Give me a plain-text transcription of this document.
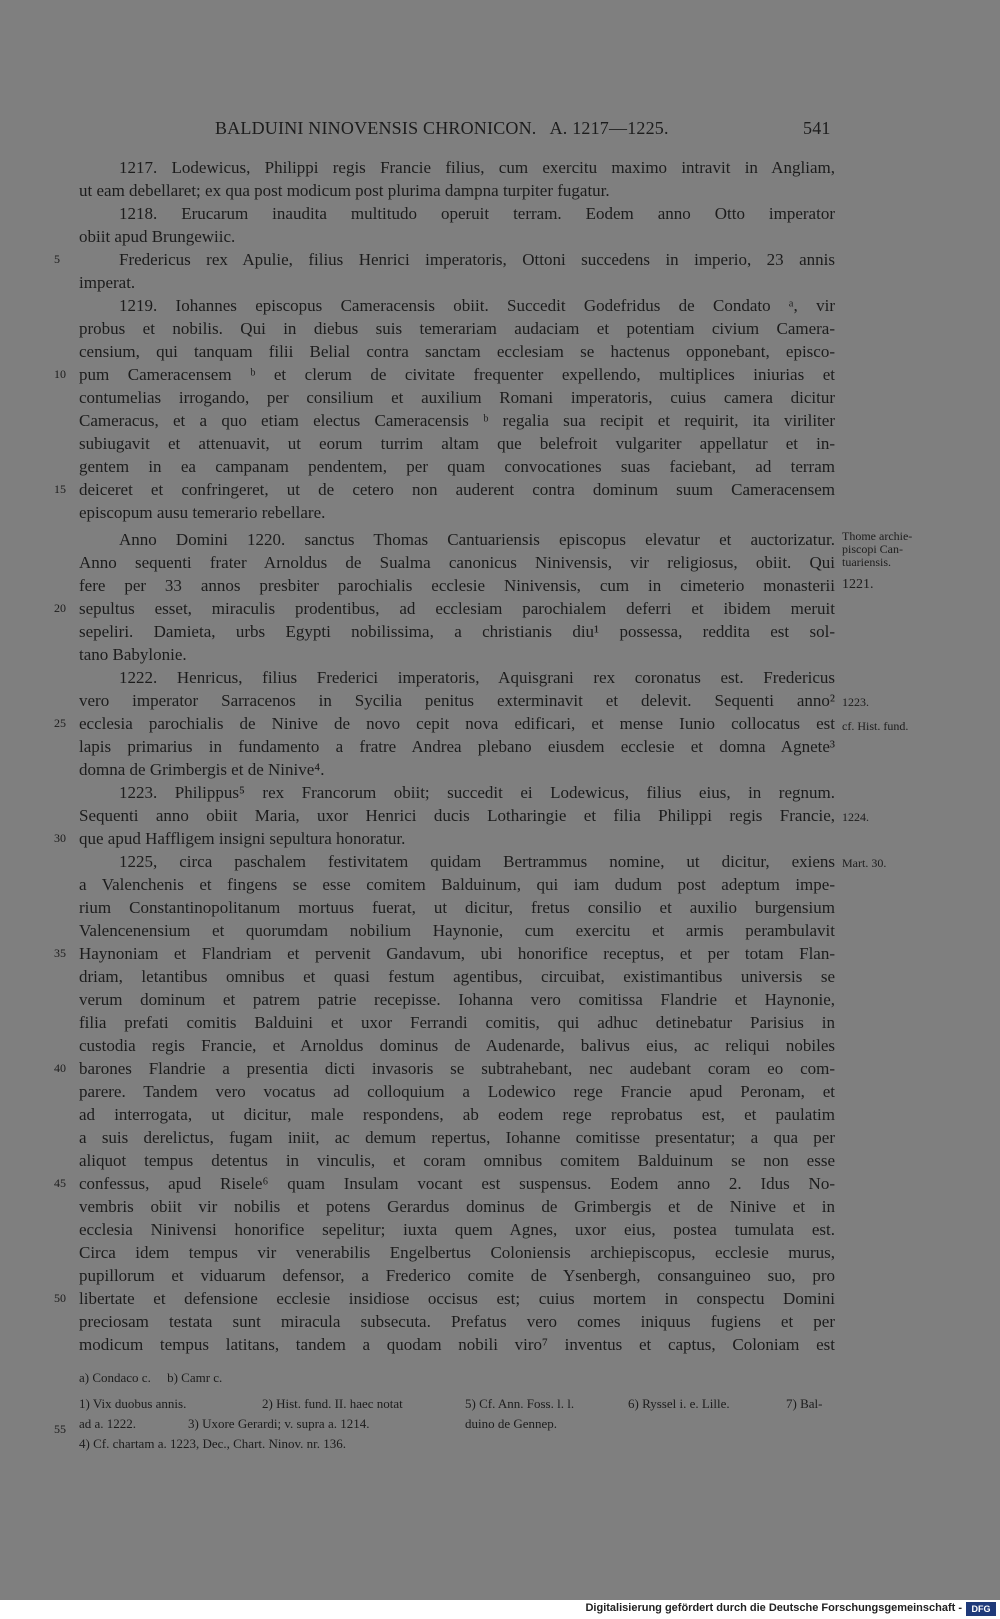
BALDUINI NINOVENSIS CHRONICON.   A. 1217—1225.	541
1217. Lodewicus, Philippi regis Francie filius, cum exercitu maximo intravit in Angliam,
ut eam debellaret; ex qua post modicum post plurima dampna turpiter fugatur.
1218. Erucarum inaudita multitudo operuit terram. Eodem anno Otto imperator
obiit apud Brungewiic.
Fredericus rex Apulie, filius Henrici imperatoris, Ottoni succedens in imperio, 23 annis
imperat.
1219. Iohannes episcopus Cameracensis obiit. Succedit Godefridus de Condato ᵃ, vir
probus et nobilis. Qui in diebus suis temerariam audaciam et potentiam civium Camera-
censium, qui tanquam filii Belial contra sanctam ecclesiam se hactenus opponebant, episco-
pum Cameracensem ᵇ et clerum de civitate frequenter expellendo, multiplices iniurias et
contumelias irrogando, per consilium et auxilium Romani imperatoris, cuius camera dicitur
Cameracus, et a quo etiam electus Cameracensis ᵇ regalia sua recipit et requirit, ita viriliter
subiugavit et attenuavit, ut eorum turrim altam que belefroit vulgariter appellatur et in-
gentem in ea campanam pendentem, per quam convocationes suas faciebant, ad terram
deiceret et confringeret, ut de cetero non auderent contra dominum suum Cameracensem
episcopum ausu temerario rebellare.
Anno Domini 1220. sanctus Thomas Cantuariensis episcopus elevatur et auctorizatur.
Anno sequenti frater Arnoldus de Sualma canonicus Ninivensis, vir religiosus, obiit. Qui
fere per 33 annos presbiter parochialis ecclesie Ninivensis, cum in cimeterio monasterii
sepultus esset, miraculis prodentibus, ad ecclesiam parochialem deferri et ibidem meruit
sepeliri. Damieta, urbs Egypti nobilissima, a christianis diu¹ possessa, reddita est sol-
tano Babylonie.
1222. Henricus, filius Frederici imperatoris, Aquisgrani rex coronatus est. Fredericus
vero imperator Sarracenos in Sycilia penitus exterminavit et delevit. Sequenti anno²
ecclesia parochialis de Ninive de novo cepit nova edificari, et mense Iunio collocatus est
lapis primarius in fundamento a fratre Andrea plebano eiusdem ecclesie et domna Agnete³
domna de Grimbergis et de Ninive⁴.
1223. Philippus⁵ rex Francorum obiit; succedit ei Lodewicus, filius eius, in regnum.
Sequenti anno obiit Maria, uxor Henrici ducis Lotharingie et filia Philippi regis Francie,
que apud Haffligem insigni sepultura honoratur.
1225, circa paschalem festivitatem quidam Bertrammus nomine, ut dicitur, exiens
a Valenchenis et fingens se esse comitem Balduinum, qui iam dudum post adeptum impe-
rium Constantinopolitanum mortuus fuerat, ut dicitur, fretus consilio et auxilio burgensium
Valencenensium et quorumdam nobilium Haynonie, cum exercitu et armis perambulavit
Haynoniam et Flandriam et pervenit Gandavum, ubi honorifice receptus, et per totam Flan-
driam, letantibus omnibus et quasi festum agentibus, circuibat, existimantibus universis se
verum dominum et patrem patrie recepisse. Iohanna vero comitissa Flandrie et Haynonie,
filia prefati comitis Balduini et uxor Ferrandi comitis, qui adhuc detinebatur Parisius in
custodia regis Francie, et Arnoldus dominus de Audenarde, balivus eius, ac reliqui nobiles
barones Flandrie a presentia dicti invasoris se subtrahebant, nec audebant coram eo com-
parere. Tandem vero vocatus ad colloquium a Lodewico rege Francie apud Peronam, et
ad interrogata, ut dicitur, male respondens, ab eodem rege reprobatus est, et paulatim
a suis derelictus, fugam iniit, ac demum repertus, Iohanne comitisse presentatur; a qua per
aliquot tempus detentus in vinculis, et coram omnibus comitem Balduinum se non esse
confessus, apud Risele⁶ quam Insulam vocant est suspensus. Eodem anno 2. Idus No-
vembris obiit vir nobilis et potens Gerardus dominus de Grimbergis et de Ninive et in
ecclesia Ninivensi honorifice sepelitur; iuxta quem Agnes, uxor eius, postea tumulata est.
Circa idem tempus vir venerabilis Engelbertus Coloniensis archiepiscopus, ecclesie murus,
pupillorum et viduarum defensor, a Frederico comite de Ysenbergh, consanguineo suo, pro
libertate et defensione ecclesie insidiose occisus est; cuius mortem in conspectu Domini
preciosam testata sunt miracula subsecuta. Prefatus vero comes iniquus fugiens et per
modicum tempus latitans, tandem a quodam nobili viro⁷ inventus et captus, Coloniam est
5
10
15
20
25
30
35
40
45
50
55
Thome archie-
piscopi Can-
tuariensis.
1221.
1223.
cf. Hist. fund.
1224.
Mart. 30.
a) Condaco c.     b) Camr c.
1) Vix duobus annis.	2) Hist. fund. II. haec notat
ad a. 1222.	3) Uxore Gerardi; v. supra a. 1214.
4) Cf. chartam a. 1223, Dec., Chart. Ninov. nr. 136.
5) Cf. Ann. Foss. l. l.	6) Ryssel i. e. Lille.	7) Bal-
duino de Gennep.
Digitalisierung gefördert durch die Deutsche Forschungsgemeinschaft -	DFG
